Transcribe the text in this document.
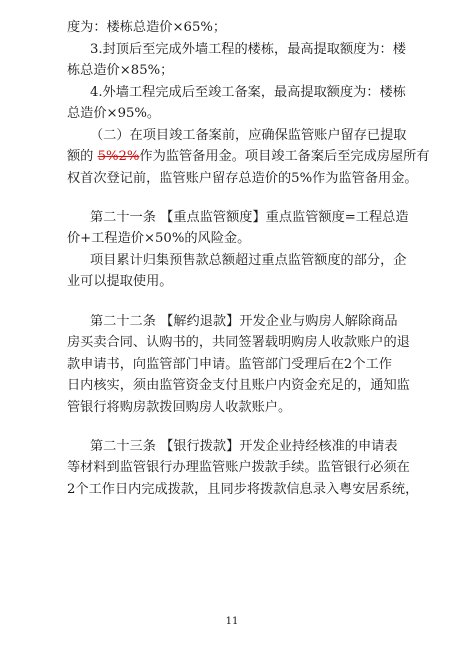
度为：楼栋总造价×65%；
3.封顶后至完成外墙工程的楼栋，最高提取额度为：楼
栋总造价×85%；
4.外墙工程完成后至竣工备案，最高提取额度为：楼栋
总造价×95%。
（二）在项目竣工备案前，应确保监管账户留存已提取
额的 5%2%作为监管备用金。项目竣工备案后至完成房屋所有
权首次登记前，监管账户留存总造价的5%作为监管备用金。
第二十一条 【重点监管额度】重点监管额度=工程总造
价+工程造价×50%的风险金。
项目累计归集预售款总额超过重点监管额度的部分，企
业可以提取使用。
第二十二条 【解约退款】开发企业与购房人解除商品
房买卖合同、认购书的，共同签署载明购房人收款账户的退
款申请书，向监管部门申请。监管部门受理后在2个工作
日内核实，须由监管资金支付且账户内资金充足的，通知监
管银行将购房款拨回购房人收款账户。
第二十三条 【银行拨款】开发企业持经核准的申请表
等材料到监管银行办理监管账户拨款手续。监管银行必须在
2个工作日内完成拨款，且同步将拨款信息录入粤安居系统，
11
